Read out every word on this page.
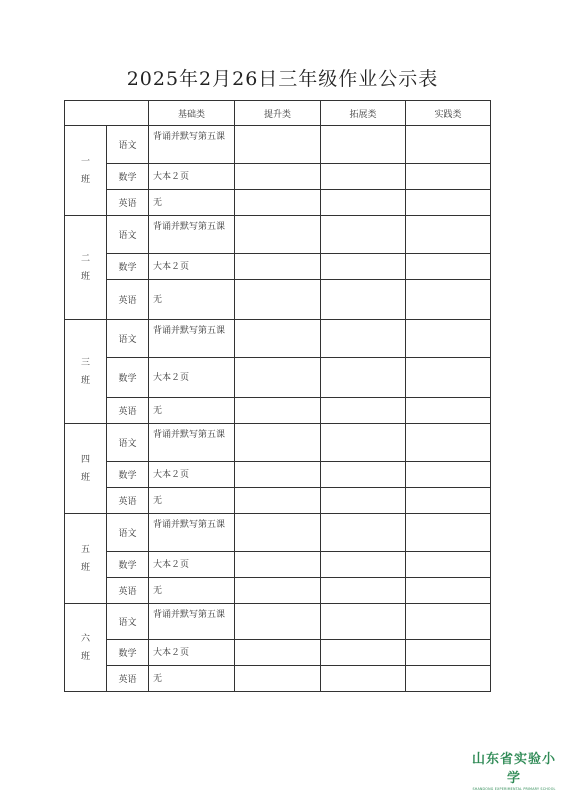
2025年2月26日三年级作业公示表
		基础类	提升类	拓展类	实践类

一
班	语文	背诵并默写第五课			
	数学	大本２页			
	英语	无			

二
班	语文	背诵并默写第五课			
	数学	大本２页			
	英语	无			

三
班	语文	背诵并默写第五课			
	数学	大本２页			
	英语	无			

四
班	语文	背诵并默写第五课			
	数学	大本２页			
	英语	无			

五
班	语文	背诵并默写第五课			
	数学	大本２页			
	英语	无			

六
班	语文	背诵并默写第五课			
	数学	大本２页			
	英语	无			
山东省实验小学
SHANDONG EXPERIMENTAL PRIMARY SCHOOL
